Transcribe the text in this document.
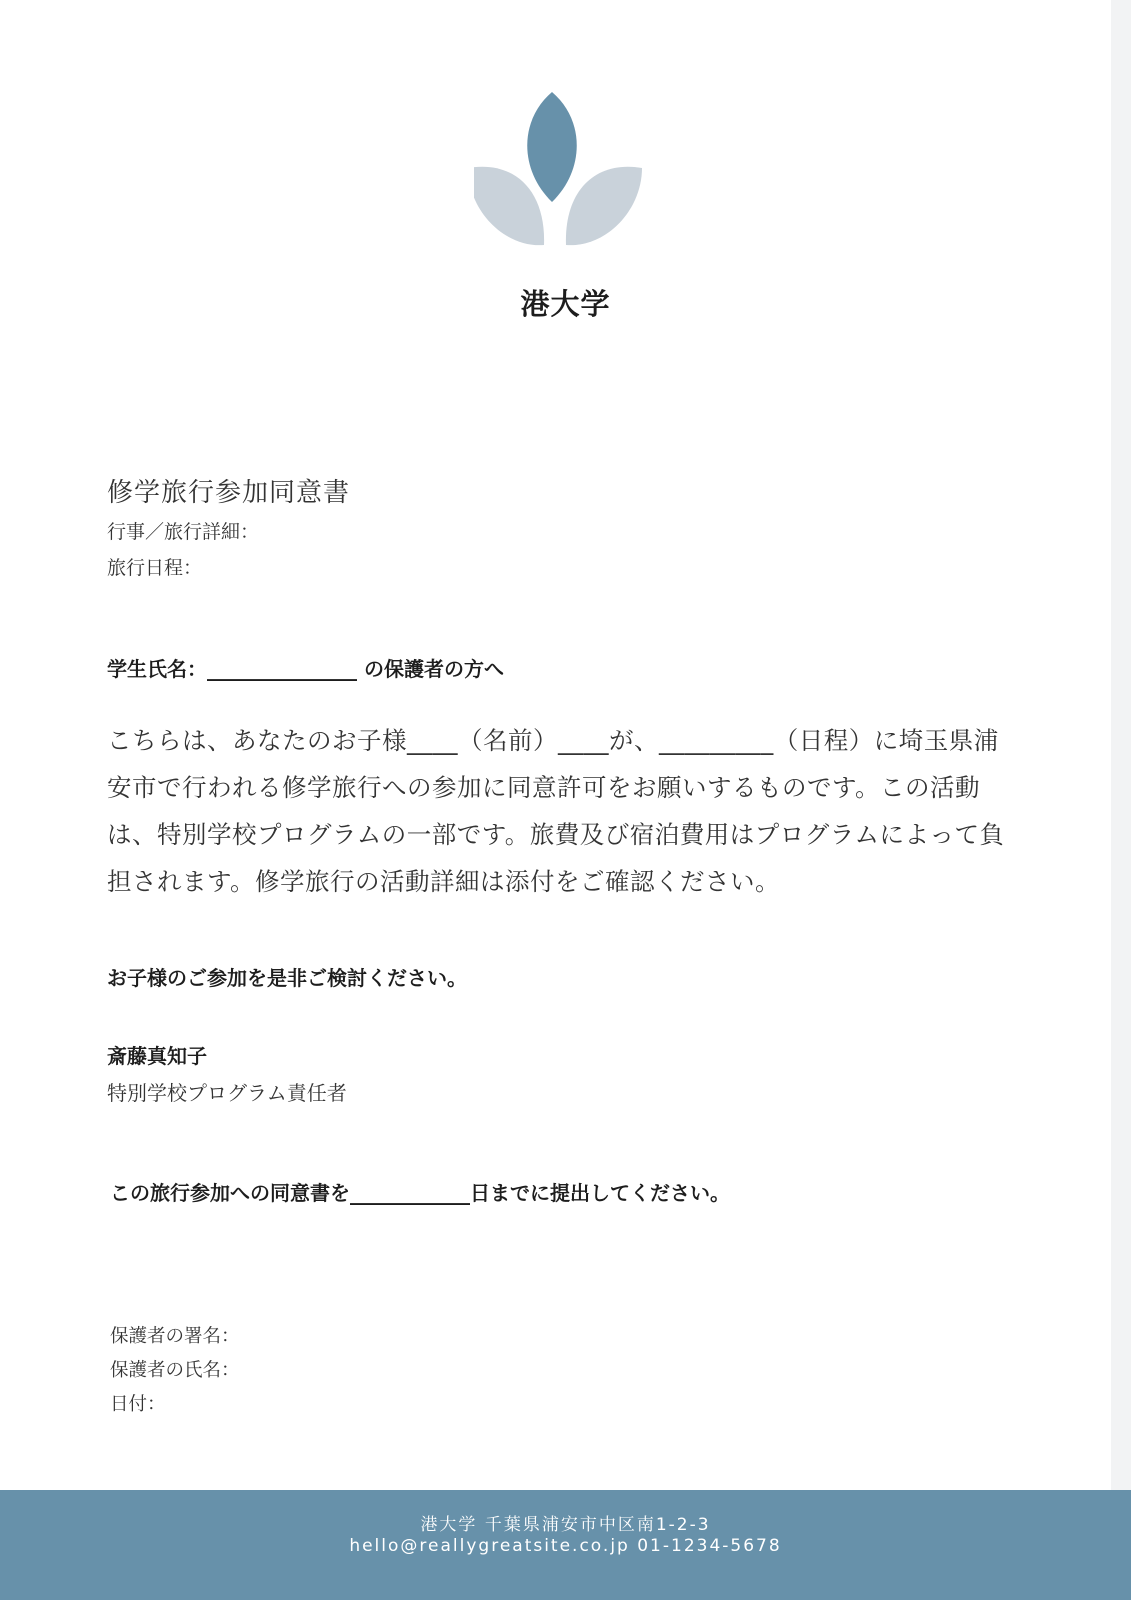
港大学
修学旅行参加同意書
行事／旅行詳細：
旅行日程：
学生氏名：_______________ の保護者の方へ

こちらは、あなたのお子様____（名前）____が、_________（日程）に埼玉県浦安市で行われる修学旅行への参加に同意許可をお願いするものです。この活動は、特別学校プログラムの一部です。旅費及び宿泊費用はプログラムによって負担されます。修学旅行の活動詳細は添付をご確認ください。

お子様のご参加を是非ご検討ください。
斎藤真知子
特別学校プログラム責任者
この旅行参加への同意書を____________日までに提出してください。
保護者の署名：
保護者の氏名：
日付：
港大学 千葉県浦安市中区南1-2-3
hello@reallygreatsite.co.jp 01-1234-5678
